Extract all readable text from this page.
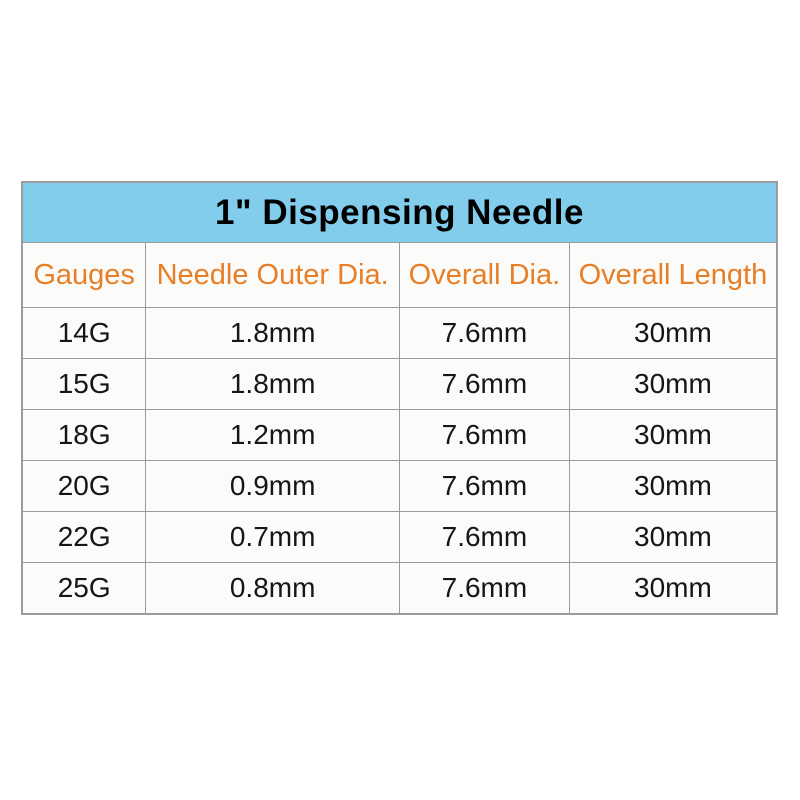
1" Dispensing Needle			
Gauges	Needle Outer Dia.	Overall Dia.	Overall Length
14G	1.8mm	7.6mm	30mm
15G	1.8mm	7.6mm	30mm
18G	1.2mm	7.6mm	30mm
20G	0.9mm	7.6mm	30mm
22G	0.7mm	7.6mm	30mm
25G	0.8mm	7.6mm	30mm
